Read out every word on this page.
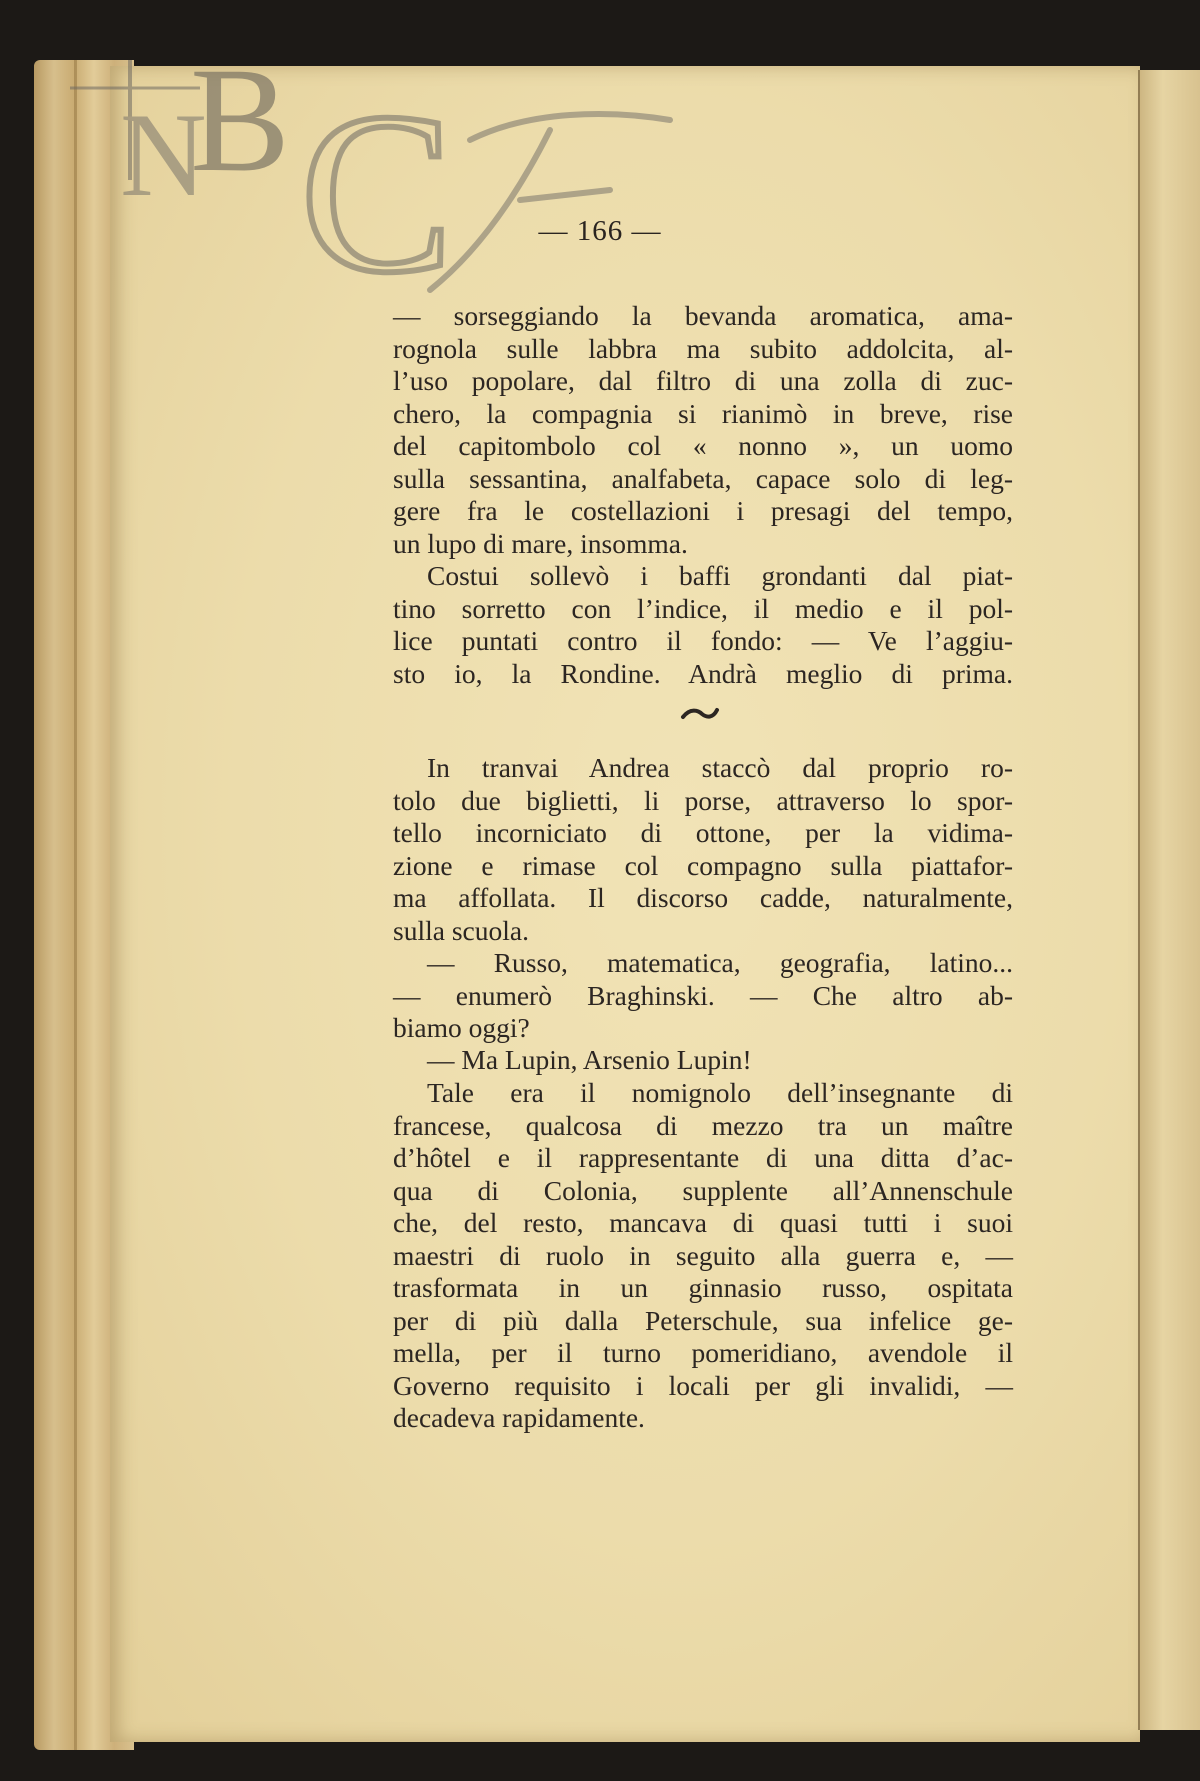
N
B C	— 166 —
— sorseggiando la bevanda aromatica, ama-
rognola sulle labbra ma subito addolcita, al-
l’uso popolare, dal filtro di una zolla di zuc-
chero, la compagnia si rianimò in breve, rise
del capitombolo col « nonno », un uomo
sulla sessantina, analfabeta, capace solo di leg-
gere fra le costellazioni i presagi del tempo,
un lupo di mare, insomma.
Costui sollevò i baffi grondanti dal piat-
tino sorretto con l’indice, il medio e il pol-
lice puntati contro il fondo: — Ve l’aggiu-
sto io, la Rondine. Andrà meglio di prima.
In tranvai Andrea staccò dal proprio ro-
tolo due biglietti, li porse, attraverso lo spor-
tello incorniciato di ottone, per la vidima-
zione e rimase col compagno sulla piattafor-
ma affollata. Il discorso cadde, naturalmente,
sulla scuola.
— Russo, matematica, geografia, latino...
— enumerò Braghinski. — Che altro ab-
biamo oggi?
— Ma Lupin, Arsenio Lupin!
Tale era il nomignolo dell’insegnante di
francese, qualcosa di mezzo tra un maître
d’hôtel e il rappresentante di una ditta d’ac-
qua di Colonia, supplente all’Annenschule
che, del resto, mancava di quasi tutti i suoi
maestri di ruolo in seguito alla guerra e, —
trasformata in un ginnasio russo, ospitata
per di più dalla Peterschule, sua infelice ge-
mella, per il turno pomeridiano, avendole il
Governo requisito i locali per gli invalidi, —
decadeva rapidamente.
